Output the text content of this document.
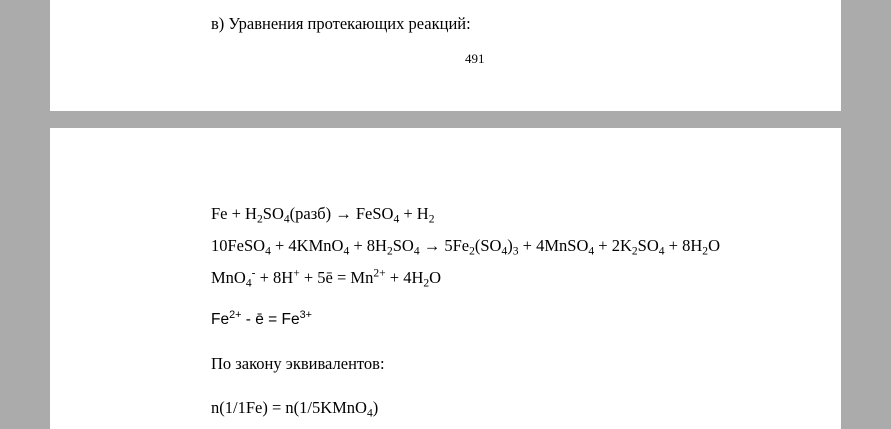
в) Уравнения протекающих реакций:
491
$Fe + H_2SO_4(разб)$ → FeSO$_4$ + $H_2$
10FeSO$_4$ + 4KMnO$_4$ + $8H_2SO_4 \to 5Fe_2(SO_4)_3$ + 4MnSO$_4$ + $2K_2SO_4 + 8H_2O$
MnO$_4$- + 8H+ + 5ē = $Mn^{2+} + 4H_2O$
$Fe^{2+}$ - ē = $Fe^{3+}$
По закону эквивалентов:
n(1/1Fe) = n(1/5KMnO$_4$)
